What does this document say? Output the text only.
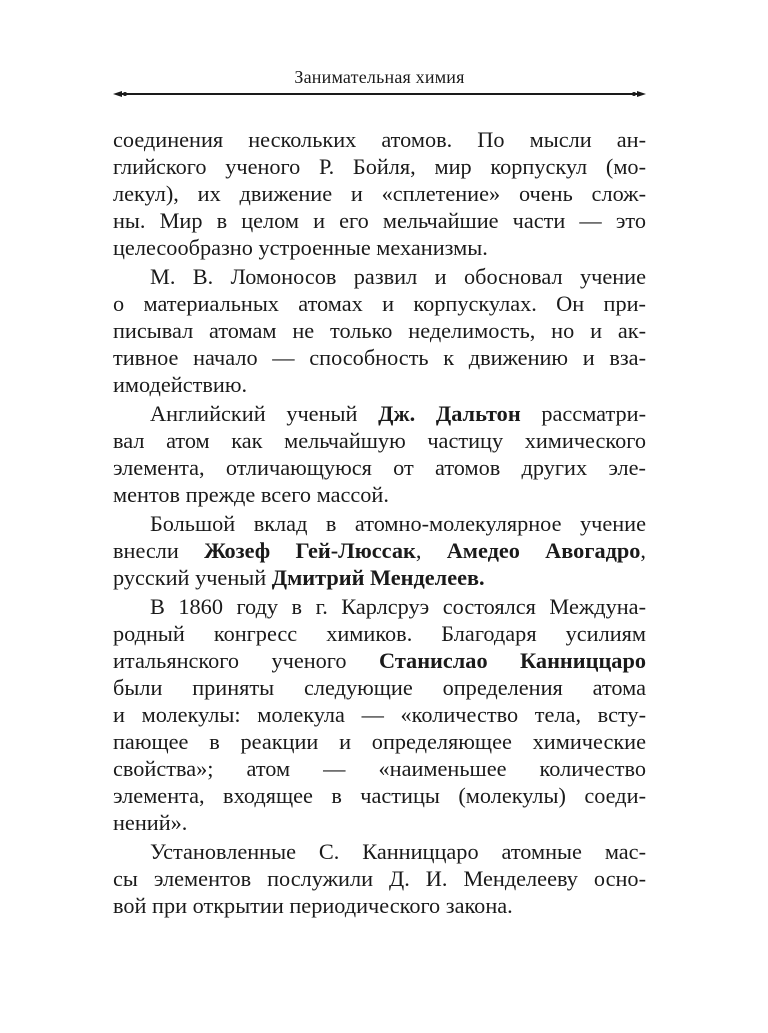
Занимательная химия
соединения нескольких атомов. По мысли ан-
глийского ученого Р. Бойля, мир корпускул (мо-
лекул), их движение и «сплетение» очень слож-
ны. Мир в целом и его мельчайшие части — это
целесообразно устроенные механизмы.
М. В. Ломоносов развил и обосновал учение
о материальных атомах и корпускулах. Он при-
писывал атомам не только неделимость, но и ак-
тивное начало — способность к движению и вза-
имодействию.
Английский ученый Дж. Дальтон рассматри-
вал атом как мельчайшую частицу химического
элемента, отличающуюся от атомов других эле-
ментов прежде всего массой.
Большой вклад в атомно-молекулярное учение
внесли Жозеф Гей-Люссак, Амедео Авогадро,
русский ученый Дмитрий Менделеев.
В 1860 году в г. Карлсруэ состоялся Междуна-
родный конгресс химиков. Благодаря усилиям
итальянского ученого Станислао Канниццаро
были приняты следующие определения атома
и молекулы: молекула — «количество тела, всту-
пающее в реакции и определяющее химические
свойства»; атом — «наименьшее количество
элемента, входящее в частицы (молекулы) соеди-
нений».
Установленные С. Канниццаро атомные мас-
сы элементов послужили Д. И. Менделееву осно-
вой при открытии периодического закона.
